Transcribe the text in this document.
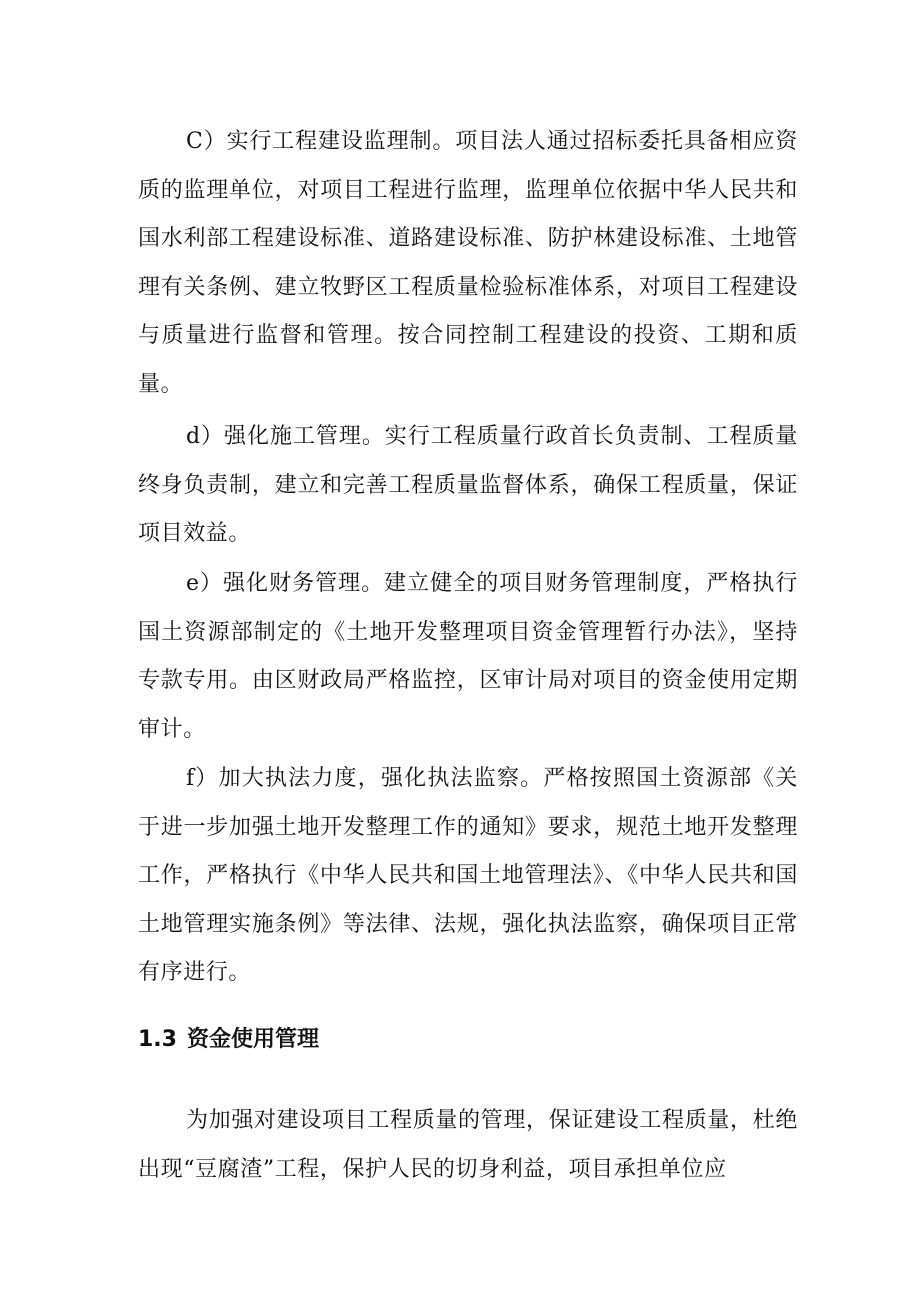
C）实行工程建设监理制。项目法人通过招标委托具备相应资质的监理单位，对项目工程进行监理，监理单位依据中华人民共和国水利部工程建设标准、道路建设标准、防护林建设标准、土地管理有关条例、建立牧野区工程质量检验标准体系，对项目工程建设与质量进行监督和管理。按合同控制工程建设的投资、工期和质量。

d）强化施工管理。实行工程质量行政首长负责制、工程质量终身负责制，建立和完善工程质量监督体系，确保工程质量，保证项目效益。

e）强化财务管理。建立健全的项目财务管理制度，严格执行国土资源部制定的《土地开发整理项目资金管理暂行办法》，坚持专款专用。由区财政局严格监控，区审计局对项目的资金使用定期审计。

f）加大执法力度，强化执法监察。严格按照国土资源部《关于进一步加强土地开发整理工作的通知》要求，规范土地开发整理工作，严格执行《中华人民共和国土地管理法》、《中华人民共和国土地管理实施条例》等法律、法规，强化执法监察，确保项目正常有序进行。

1.3 资金使用管理

为加强对建设项目工程质量的管理，保证建设工程质量，杜绝出现“豆腐渣”工程，保护人民的切身利益，项目承担单位应
